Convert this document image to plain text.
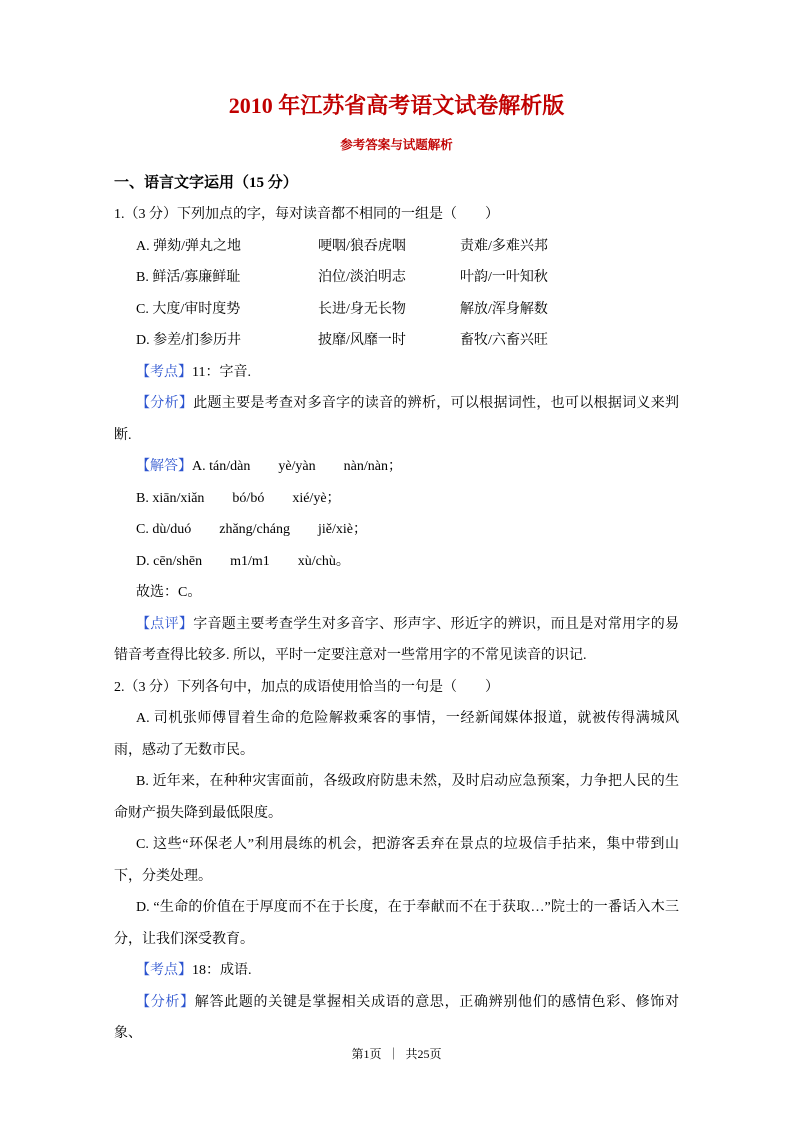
2010 年江苏省高考语文试卷解析版
参考答案与试题解析
一、语言文字运用（15 分）

1.（3 分）下列加点的字，每对读音都不相同的一组是（　　）

A. 弹劾/弹丸之地	哽咽/狼吞虎咽	责难/多难兴邦
B. 鲜活/寡廉鲜耻	泊位/淡泊明志	叶韵/一叶知秋
C. 大度/审时度势	长进/身无长物	解放/浑身解数
D. 参差/扪参历井	披靡/风靡一时	畜牧/六畜兴旺

【考点】11：字音.

【分析】此题主要是考查对多音字的读音的辨析，可以根据词性，也可以根据词义来判断.

【解答】A. tán/dàn　　yè/yàn　　nàn/nàn；

B. xiān/xiǎn　　bó/bó　　xié/yè；

C. dù/duó　　zhǎng/cháng　　jiě/xiè；

D. cēn/shēn　　m1/m1　　xù/chù。

故选：C。

【点评】字音题主要考查学生对多音字、形声字、形近字的辨识，而且是对常用字的易错音考查得比较多. 所以，平时一定要注意对一些常用字的不常见读音的识记.

2.（3 分）下列各句中，加点的成语使用恰当的一句是（　　）

A. 司机张师傅冒着生命的危险解救乘客的事情，一经新闻媒体报道，就被传得满城风雨，感动了无数市民。

B. 近年来，在种种灾害面前，各级政府防患未然，及时启动应急预案，力争把人民的生命财产损失降到最低限度。

C. 这些“环保老人”利用晨练的机会，把游客丢弃在景点的垃圾信手拈来，集中带到山下，分类处理。

D. “生命的价值在于厚度而不在于长度，在于奉献而不在于获取…”院士的一番话入木三分，让我们深受教育。

【考点】18：成语.

【分析】解答此题的关键是掌握相关成语的意思，正确辨别他们的感情色彩、修饰对象、

第1页 ｜ 共25页
